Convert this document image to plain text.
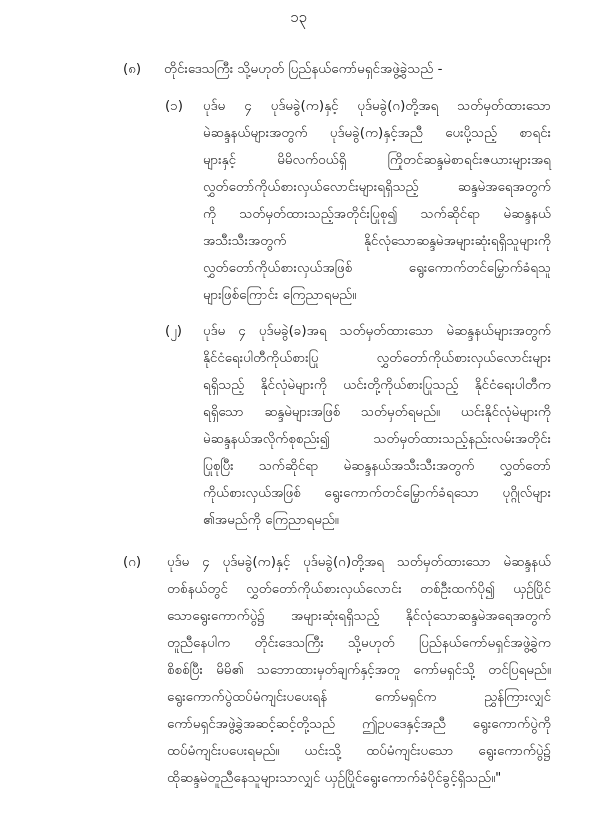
၁၃
(၈) တိုင်းဒေသကြီး သို့မဟုတ် ပြည်နယ်ကော်မရှင်အဖွဲ့ခွဲသည် -
(၁) ပုဒ်မ ၄ ပုဒ်မခွဲ(က)နှင့် ပုဒ်မခွဲ(ဂ)တို့အရ သတ်မှတ်ထားသော
မဲဆန္ဒနယ်များအတွက် ပုဒ်မခွဲ(က)နှင့်အညီ ပေးပို့သည့် စာရင်း
များနှင့် မိမိလက်ဝယ်ရှိ ကြိုတင်ဆန္ဒမဲစာရင်းဇယားများအရ
လွှတ်တော်ကိုယ်စားလှယ်လောင်းများရရှိသည့် ဆန္ဒမဲအရေအတွက်
ကို သတ်မှတ်ထားသည့်အတိုင်းပြုစု၍ သက်ဆိုင်ရာ မဲဆန္ဒနယ်
အသီးသီးအတွက် နိုင်လုံသောဆန္ဒမဲအများဆုံးရရှိသူများကို
လွှတ်တော်ကိုယ်စားလှယ်အဖြစ် ရွေးကောက်တင်မြှောက်ခံရသူ
များဖြစ်ကြောင်း ကြေညာရမည်။
(၂) ပုဒ်မ ၄ ပုဒ်မခွဲ(ခ)အရ သတ်မှတ်ထားသော မဲဆန္ဒနယ်များအတွက်
နိုင်ငံရေးပါတီကိုယ်စားပြု လွှတ်တော်ကိုယ်စားလှယ်လောင်းများ
ရရှိသည့် နိုင်လုံမဲများကို ယင်းတို့ကိုယ်စားပြုသည့် နိုင်ငံရေးပါတီက
ရရှိသော ဆန္ဒမဲများအဖြစ် သတ်မှတ်ရမည်။ ယင်းနိုင်လုံမဲများကို
မဲဆန္ဒနယ်အလိုက်စုစည်း၍ သတ်မှတ်ထားသည့်နည်းလမ်းအတိုင်း
ပြုစုပြီး သက်ဆိုင်ရာ မဲဆန္ဒနယ်အသီးသီးအတွက် လွှတ်တော်
ကိုယ်စားလှယ်အဖြစ် ရွေးကောက်တင်မြှောက်ခံရသော ပုဂ္ဂိုလ်များ
၏အမည်ကို ကြေညာရမည်။
(ဂ) ပုဒ်မ ၄ ပုဒ်မခွဲ(က)နှင့် ပုဒ်မခွဲ(ဂ)တို့အရ သတ်မှတ်ထားသော မဲဆန္ဒနယ်
တစ်နယ်တွင် လွှတ်တော်ကိုယ်စားလှယ်လောင်း တစ်ဦးထက်ပို၍ ယှဉ်ပြိုင်
သောရွေးကောက်ပွဲ၌ အများဆုံးရရှိသည့် နိုင်လုံသောဆန္ဒမဲအရေအတွက်
တူညီနေပါက တိုင်းဒေသကြီး သို့မဟုတ် ပြည်နယ်ကော်မရှင်အဖွဲ့ခွဲက
စိစစ်ပြီး မိမိ၏ သဘောထားမှတ်ချက်နှင့်အတူ ကော်မရှင်သို့ တင်ပြရမည်။
ရွေးကောက်ပွဲထပ်မံကျင်းပပေးရန် ကော်မရှင်က ညွှန်ကြားလျှင်
ကော်မရှင်အဖွဲ့ခွဲအဆင့်ဆင့်တို့သည် ဤဥပဒေနှင့်အညီ ရွေးကောက်ပွဲကို
ထပ်မံကျင်းပပေးရမည်။ ယင်းသို့ ထပ်မံကျင်းပသော ရွေးကောက်ပွဲ၌
ထိုဆန္ဒမဲတူညီနေသူများသာလျှင် ယှဉ်ပြိုင်ရွေးကောက်ခံပိုင်ခွင့်ရှိသည်။"
